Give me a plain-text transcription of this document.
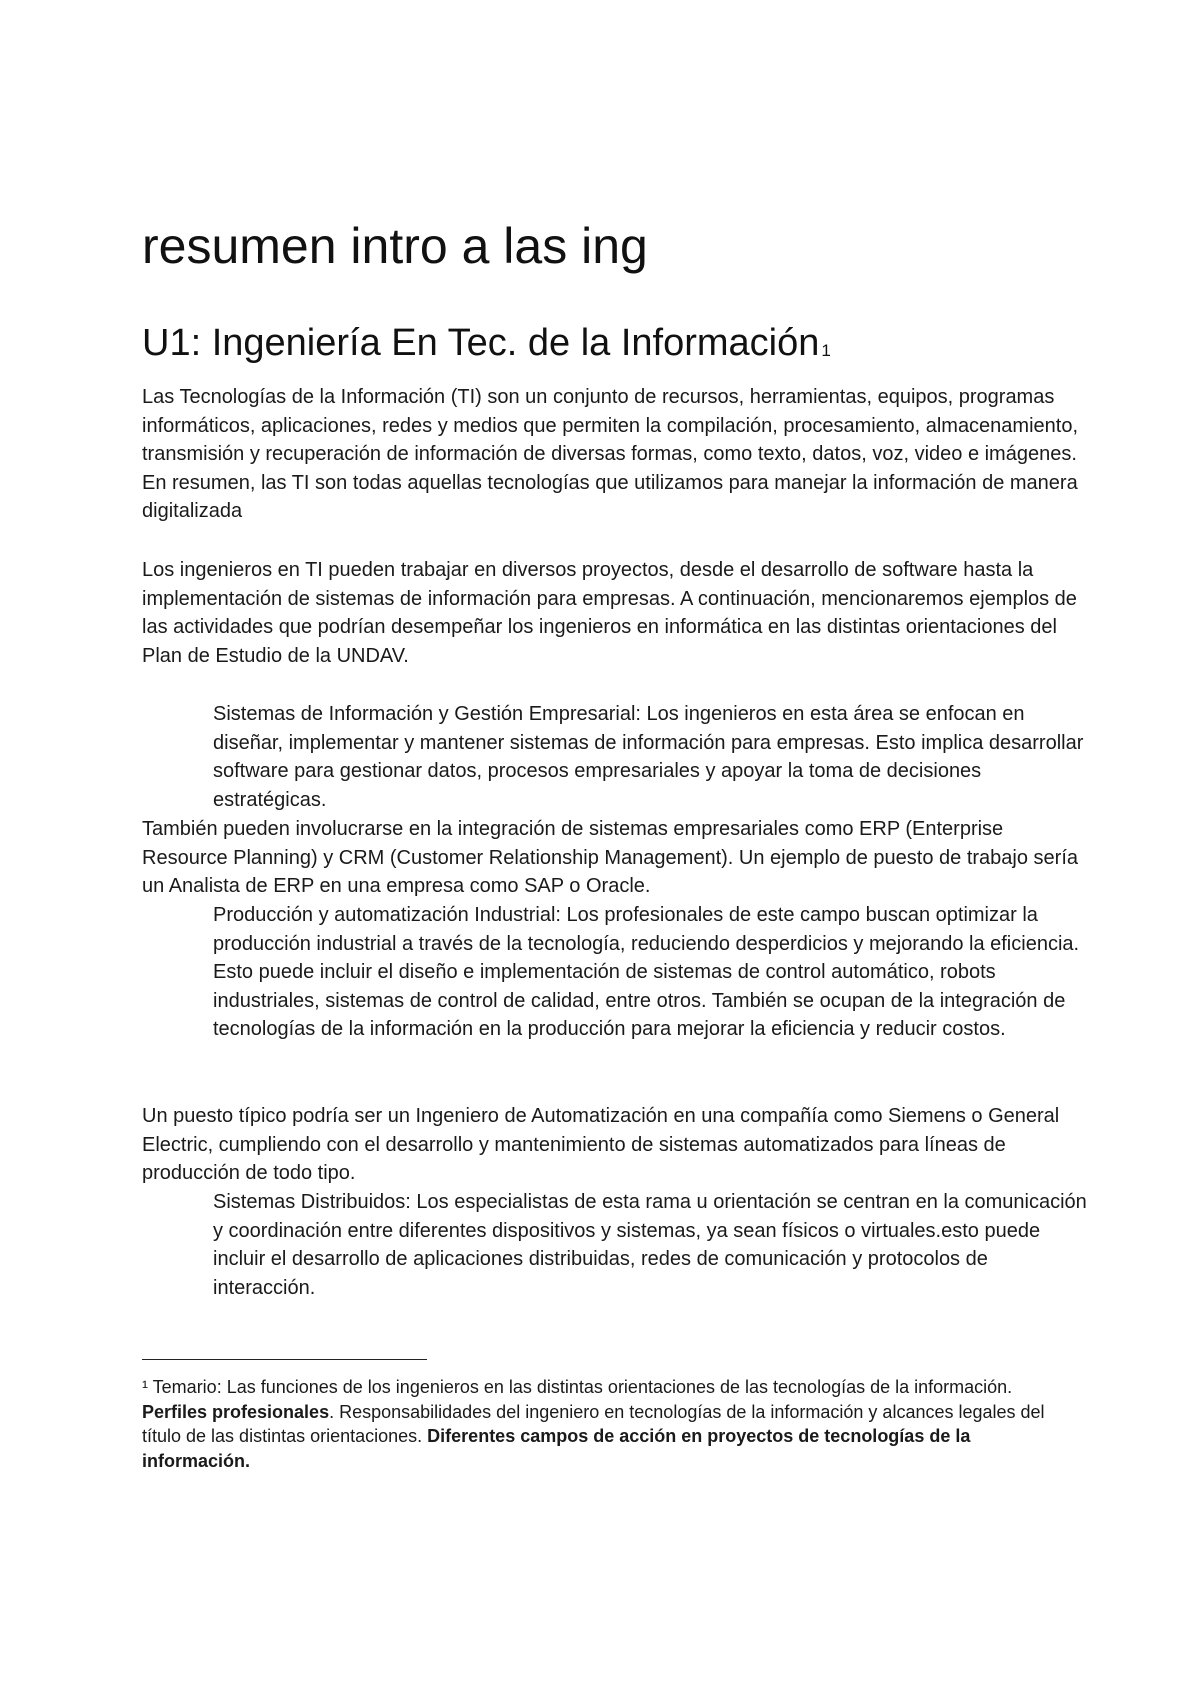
resumen intro a las ing
U1: Ingeniería En Tec. de la Información $^1$

Las Tecnologías de la Información (TI) son un conjunto de recursos, herramientas, equipos, programas informáticos, aplicaciones, redes y medios que permiten la compilación, procesamiento, almacenamiento, transmisión y recuperación de información de diversas formas, como texto, datos, voz, video e imágenes. En resumen, las TI son todas aquellas tecnologías que utilizamos para manejar la información de manera digitalizada

Los ingenieros en TI pueden trabajar en diversos proyectos, desde el desarrollo de software hasta la implementación de sistemas de información para empresas. A continuación, mencionaremos ejemplos de las actividades que podrían desempeñar los ingenieros en informática en las distintas orientaciones del Plan de Estudio de la UNDAV.

Sistemas de Información y Gestión Empresarial: Los ingenieros en esta área se enfocan en diseñar, implementar y mantener sistemas de información para empresas. Esto implica desarrollar software para gestionar datos, procesos empresariales y apoyar la toma de decisiones estratégicas.

También pueden involucrarse en la integración de sistemas empresariales como ERP (Enterprise Resource Planning) y CRM (Customer Relationship Management). Un ejemplo de puesto de trabajo sería un Analista de ERP en una empresa como SAP o Oracle.

Producción y automatización Industrial: Los profesionales de este campo buscan optimizar la producción industrial a través de la tecnología, reduciendo desperdicios y mejorando la eficiencia. Esto puede incluir el diseño e implementación de sistemas de control automático, robots industriales, sistemas de control de calidad, entre otros. También se ocupan de la integración de tecnologías de la información en la producción para mejorar la eficiencia y reducir costos.

Un puesto típico podría ser un Ingeniero de Automatización en una compañía como Siemens o General Electric, cumpliendo con el desarrollo y mantenimiento de sistemas automatizados para líneas de producción de todo tipo.

Sistemas Distribuidos: Los especialistas de esta rama u orientación se centran en la comunicación y coordinación entre diferentes dispositivos y sistemas, ya sean físicos o virtuales.esto puede incluir el desarrollo de aplicaciones distribuidas, redes de comunicación y protocolos de interacción.

¹ Temario: Las funciones de los ingenieros en las distintas orientaciones de las tecnologías de la información. Perfiles profesionales. Responsabilidades del ingeniero en tecnologías de la información y alcances legales del título de las distintas orientaciones. Diferentes campos de acción en proyectos de tecnologías de la información.
